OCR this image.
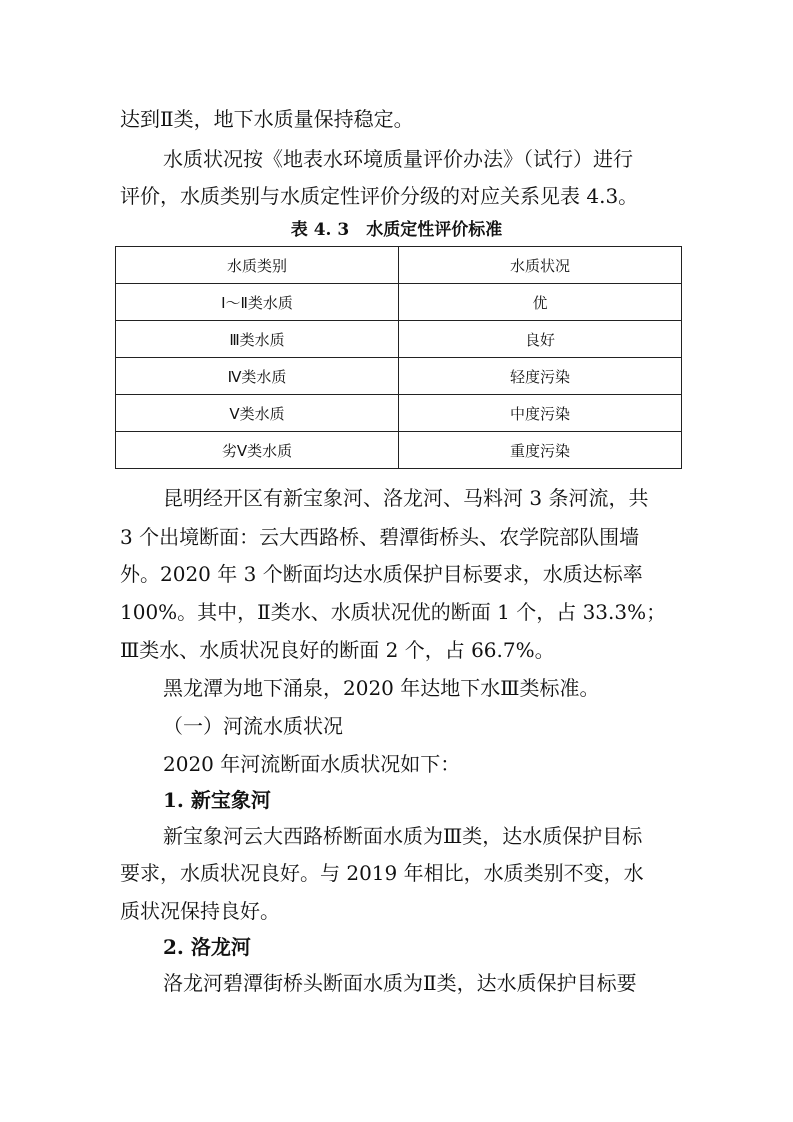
达到Ⅱ类，地下水质量保持稳定。
水质状况按《地表水环境质量评价办法》（试行）进行
评价，水质类别与水质定性评价分级的对应关系见表 4.3。
表 4. 3　水质定性评价标准
水质类别	水质状况
Ⅰ～Ⅱ类水质	优
Ⅲ类水质	良好
Ⅳ类水质	轻度污染
Ⅴ类水质	中度污染
劣Ⅴ类水质	重度污染
昆明经开区有新宝象河、洛龙河、马料河 3 条河流，共
3 个出境断面：云大西路桥、碧潭街桥头、农学院部队围墙
外。2020 年 3 个断面均达水质保护目标要求，水质达标率
100%。其中，Ⅱ类水、水质状况优的断面 1 个，占 33.3%；
Ⅲ类水、水质状况良好的断面 2 个，占 66.7%。
黑龙潭为地下涌泉，2020 年达地下水Ⅲ类标准。
（一）河流水质状况
2020 年河流断面水质状况如下：
1. 新宝象河
新宝象河云大西路桥断面水质为Ⅲ类，达水质保护目标
要求，水质状况良好。与 2019 年相比，水质类别不变，水
质状况保持良好。
2. 洛龙河
洛龙河碧潭街桥头断面水质为Ⅱ类，达水质保护目标要
